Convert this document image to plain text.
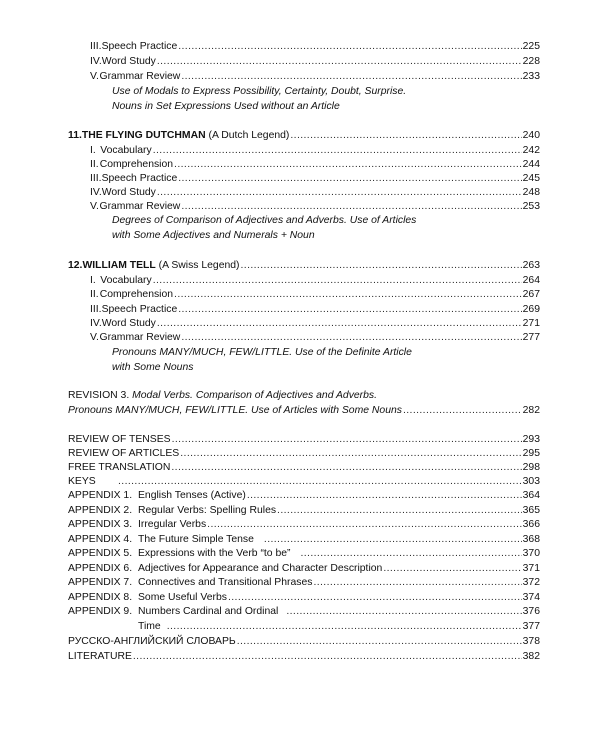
III. Speech Practice .....	225
IV. Word Study .....	228
V. Grammar Review .....	233
Use of Modals to Express Possibility, Certainty, Doubt, Surprise.
Nouns in Set Expressions Used without an Article
11. THE FLYING DUTCHMAN (A Dutch Legend) .....	240
I. Vocabulary .....	242
II. Comprehension .....	244
III. Speech Practice .....	245
IV. Word Study .....	248
V. Grammar Review .....	253
Degrees of Comparison of Adjectives and Adverbs. Use of Articles
with Some Adjectives and Numerals + Noun
12. WILLIAM TELL (A Swiss Legend) .....	263
I. Vocabulary .....	264
II. Comprehension .....	267
III. Speech Practice .....	269
IV. Word Study .....	271
V. Grammar Review .....	277
Pronouns MANY/MUCH, FEW/LITTLE. Use of the Definite Article
with Some Nouns
REVISION 3. Modal Verbs. Comparison of Adjectives and Adverbs.
Pronouns MANY/MUCH, FEW/LITTLE. Use of Articles with Some Nouns .....	282
REVIEW OF TENSES .....	293
REVIEW OF ARTICLES .....	295
FREE TRANSLATION .....	298
KEYS .....	303
APPENDIX 1. English Tenses (Active) .....	364
APPENDIX 2. Regular Verbs: Spelling Rules .....	365
APPENDIX 3. Irregular Verbs .....	366
APPENDIX 4. The Future Simple Tense .....	368
APPENDIX 5. Expressions with the Verb “to be” .....	370
APPENDIX 6. Adjectives for Appearance and Character Description .....	371
APPENDIX 7. Connectives and Transitional Phrases .....	372
APPENDIX 8. Some Useful Verbs .....	374
APPENDIX 9. Numbers Cardinal and Ordinal .....	376
Time .....	377
РУССКО-АНГЛИЙСКИЙ СЛОВАРЬ .....	378
LITERATURE .....	382
